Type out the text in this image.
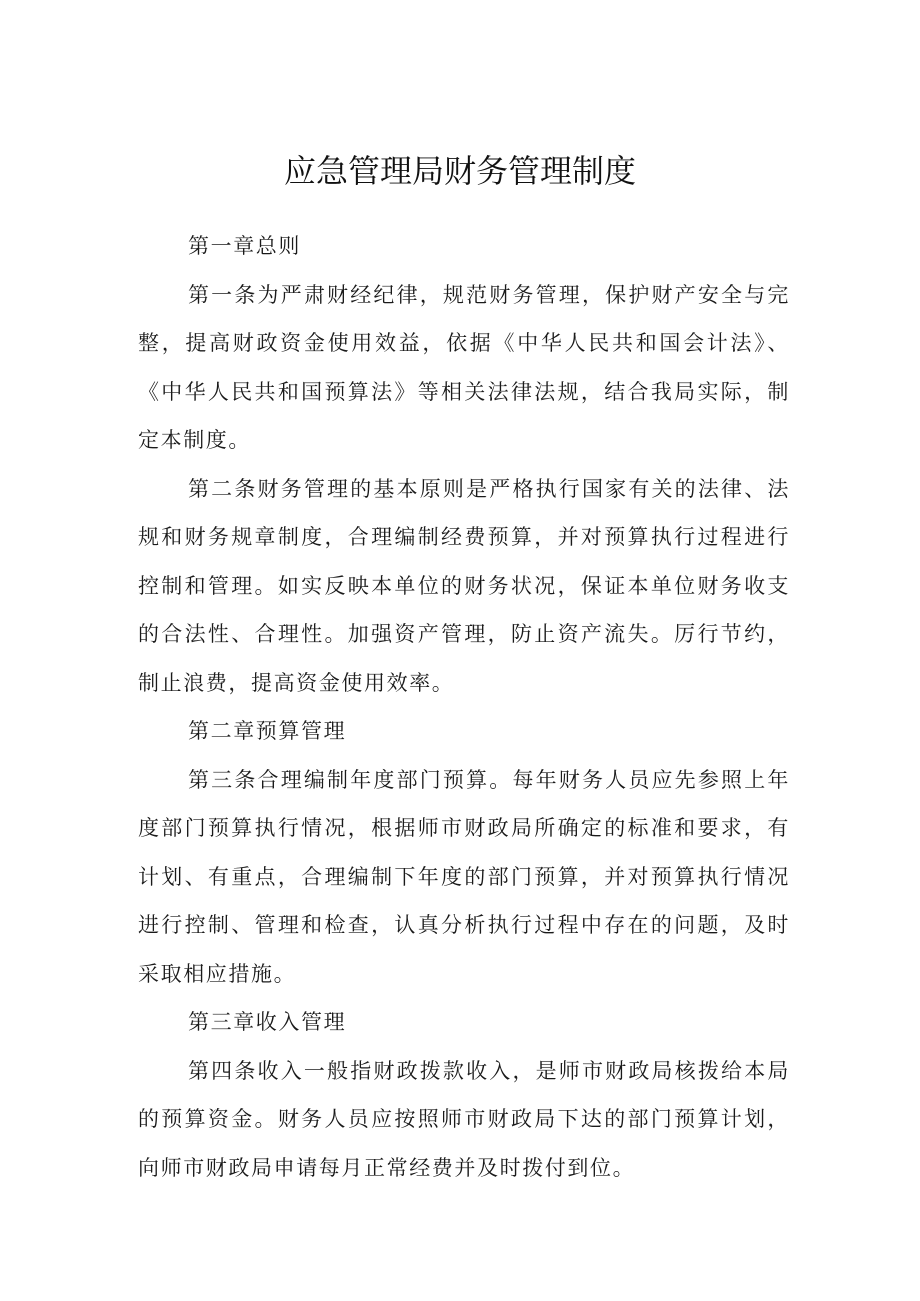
应急管理局财务管理制度

第一章总则

第一条为严肃财经纪律，规范财务管理，保护财产安全与完整，提高财政资金使用效益，依据《中华人民共和国会计法》、《中华人民共和国预算法》等相关法律法规，结合我局实际，制定本制度。

第二条财务管理的基本原则是严格执行国家有关的法律、法规和财务规章制度，合理编制经费预算，并对预算执行过程进行控制和管理。如实反映本单位的财务状况，保证本单位财务收支的合法性、合理性。加强资产管理，防止资产流失。厉行节约，制止浪费，提高资金使用效率。

第二章预算管理

第三条合理编制年度部门预算。每年财务人员应先参照上年度部门预算执行情况，根据师市财政局所确定的标准和要求，有计划、有重点，合理编制下年度的部门预算，并对预算执行情况进行控制、管理和检查，认真分析执行过程中存在的问题，及时采取相应措施。

第三章收入管理

第四条收入一般指财政拨款收入，是师市财政局核拨给本局的预算资金。财务人员应按照师市财政局下达的部门预算计划，向师市财政局申请每月正常经费并及时拨付到位。
